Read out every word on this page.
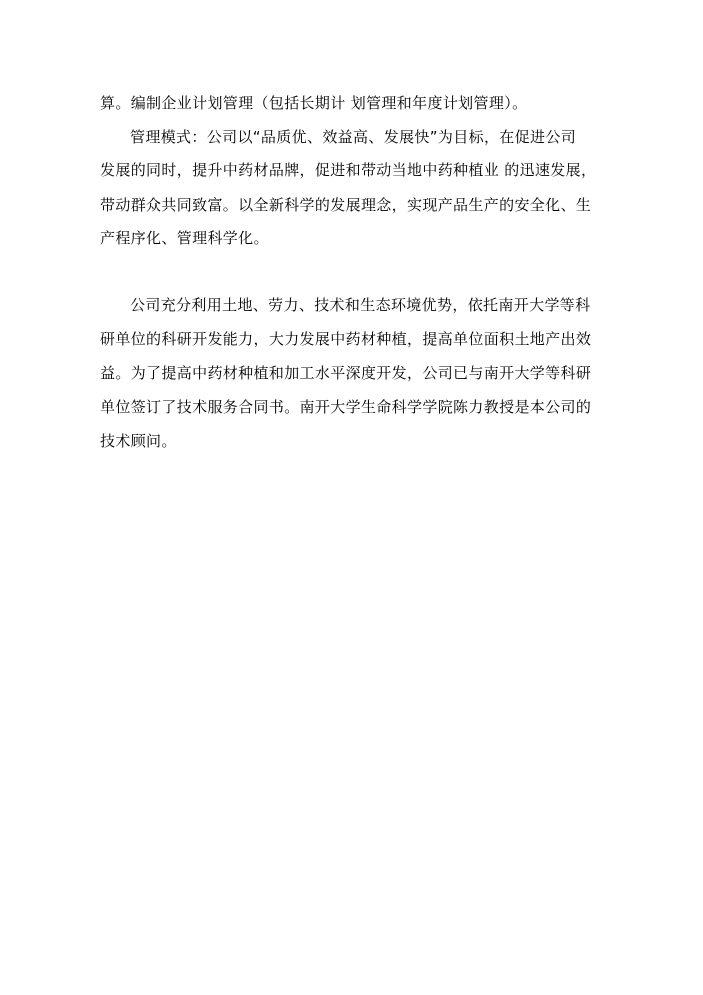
算。编制企业计划管理（包括长期计 划管理和年度计划管理）。
管理模式：公司以“品质优、效益高、发展快”为目标，在促进公司
发展的同时，提升中药材品牌，促进和带动当地中药种植业 的迅速发展，
带动群众共同致富。以全新科学的发展理念，实现产品生产的安全化、生
产程序化、管理科学化。
公司充分利用土地、劳力、技术和生态环境优势，依托南开大学等科
研单位的科研开发能力，大力发展中药材种植，提高单位面积土地产出效
益。为了提高中药材种植和加工水平深度开发，公司已与南开大学等科研
单位签订了技术服务合同书。南开大学生命科学学院陈力教授是本公司的
技术顾问。
